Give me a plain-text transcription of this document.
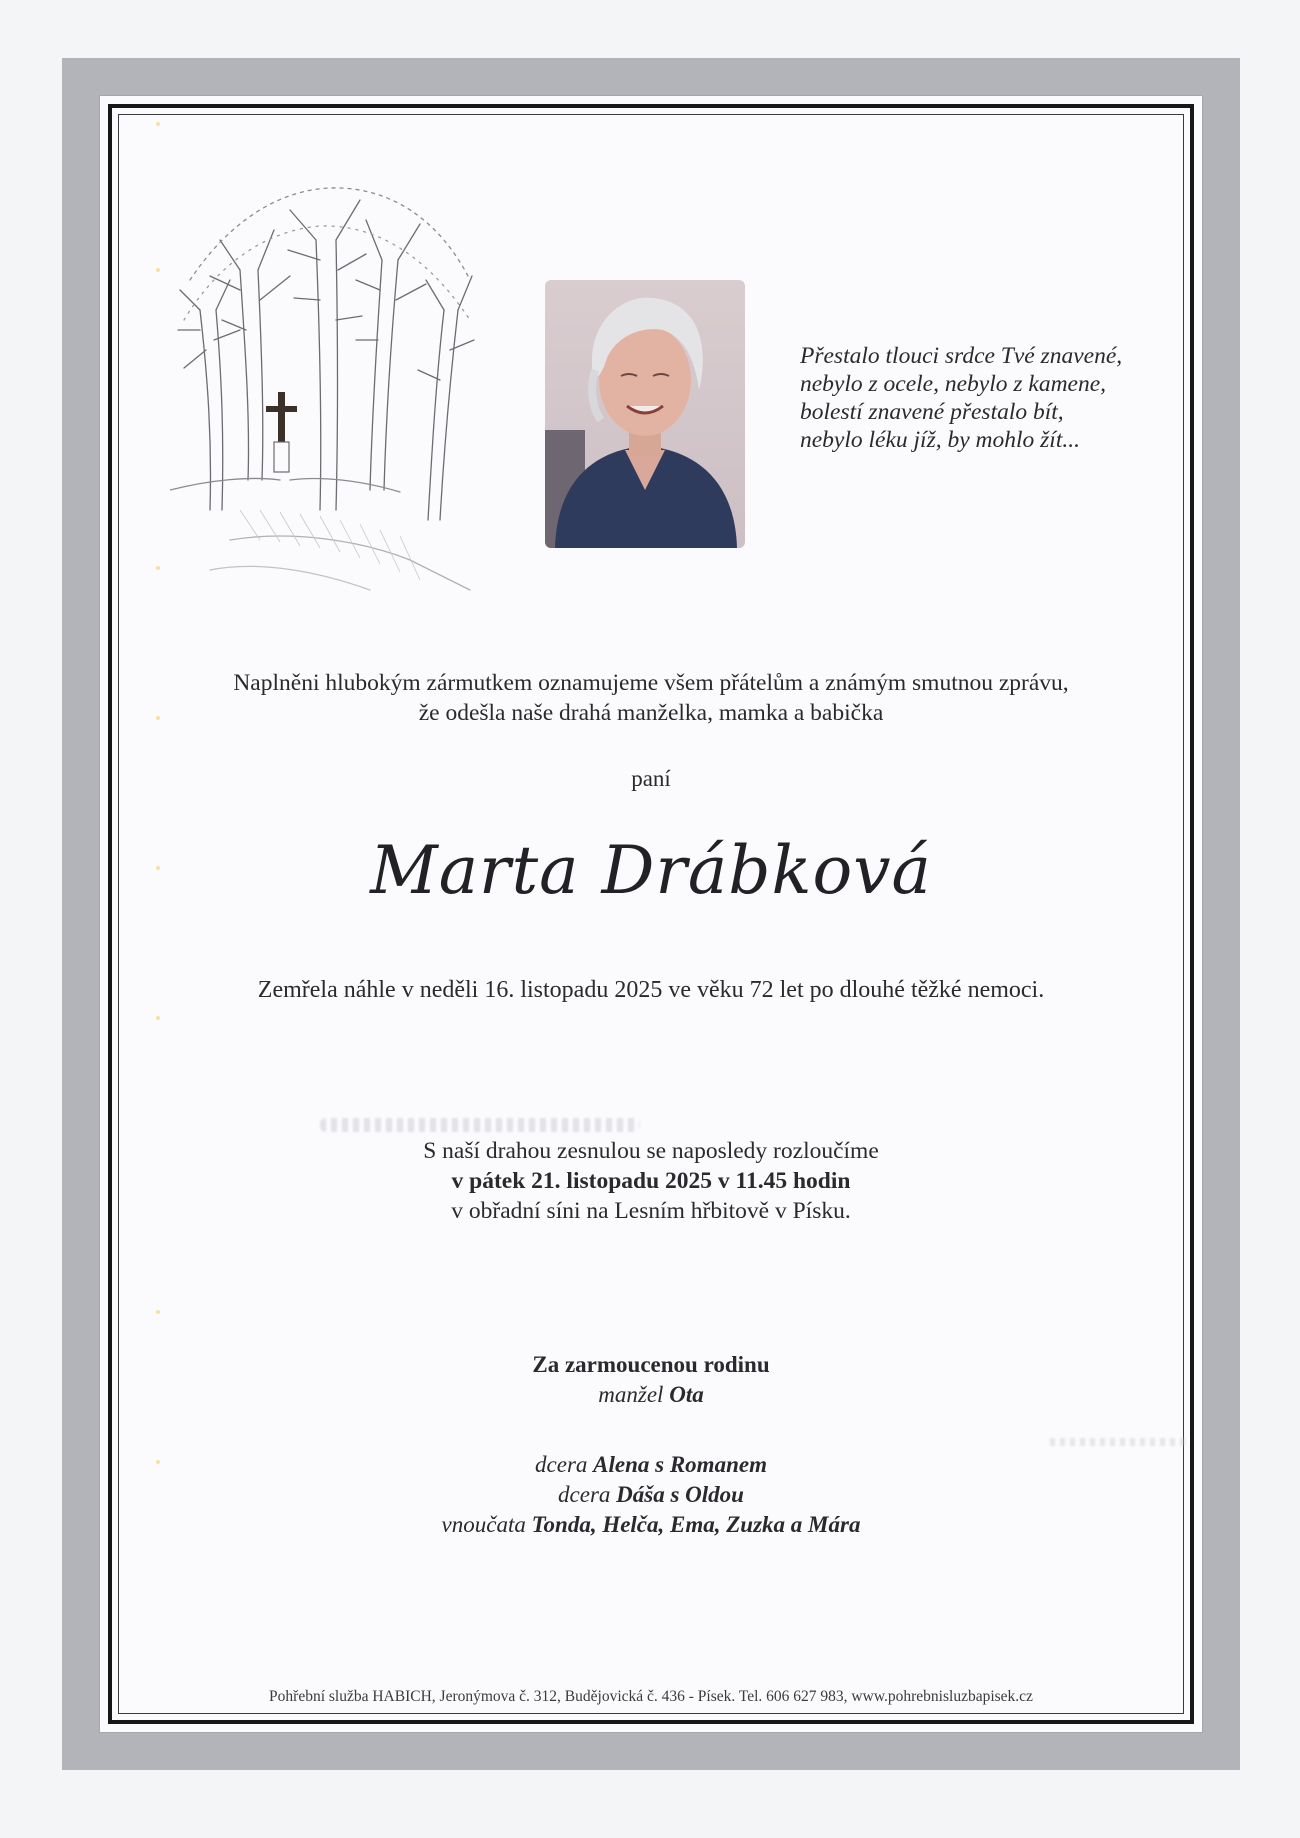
Přestalo tlouci srdce Tvé znavené,
nebylo z ocele, nebylo z kamene,
bolestí znavené přestalo bít,
nebylo léku jíž, by mohlo žít...
Naplněni hlubokým zármutkem oznamujeme všem přátelům a známým smutnou zprávu,
že odešla naše drahá manželka, mamka a babička
paní
Marta Drábková
Zemřela náhle v neděli 16. listopadu 2025 ve věku 72 let po dlouhé těžké nemoci.
S naší drahou zesnulou se naposledy rozloučíme
v pátek 21. listopadu 2025 v 11.45 hodin
v obřadní síni na Lesním hřbitově v Písku.
Za zarmoucenou rodinu
manžel Ota
dcera Alena s Romanem
dcera Dáša s Oldou
vnoučata Tonda, Helča, Ema, Zuzka a Mára
Pohřební služba HABICH, Jeronýmova č. 312, Budějovická č. 436 - Písek. Tel. 606 627 983, www.pohrebnisluzbapisek.cz
